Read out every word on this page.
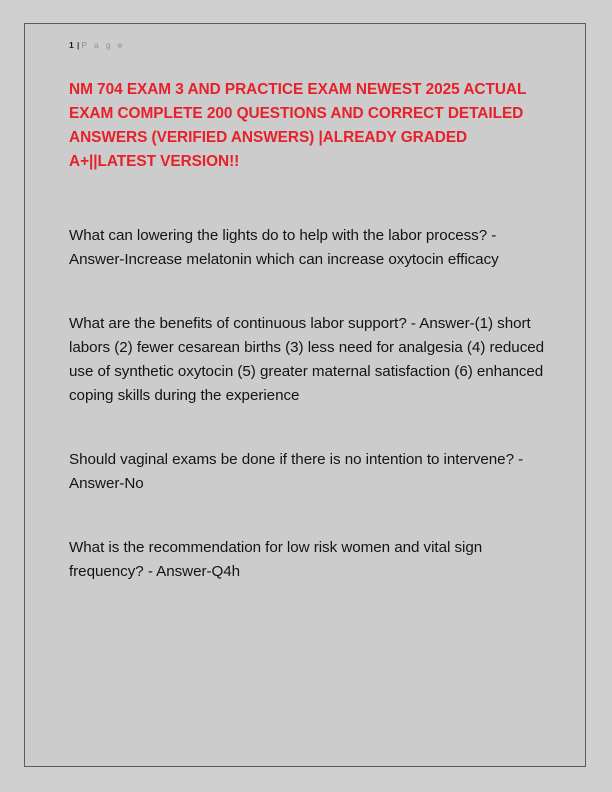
1 | P a g e
NM 704 EXAM 3 AND PRACTICE EXAM NEWEST 2025 ACTUAL EXAM COMPLETE 200 QUESTIONS AND CORRECT DETAILED ANSWERS (VERIFIED ANSWERS) |ALREADY GRADED A+||LATEST VERSION!!

What can lowering the lights do to help with the labor process? - Answer-Increase melatonin which can increase oxytocin efficacy

What are the benefits of continuous labor support? - Answer-(1) short labors (2) fewer cesarean births (3) less need for analgesia (4) reduced use of synthetic oxytocin (5) greater maternal satisfaction (6) enhanced coping skills during the experience

Should vaginal exams be done if there is no intention to intervene? - Answer-No

What is the recommendation for low risk women and vital sign frequency? - Answer-Q4h
